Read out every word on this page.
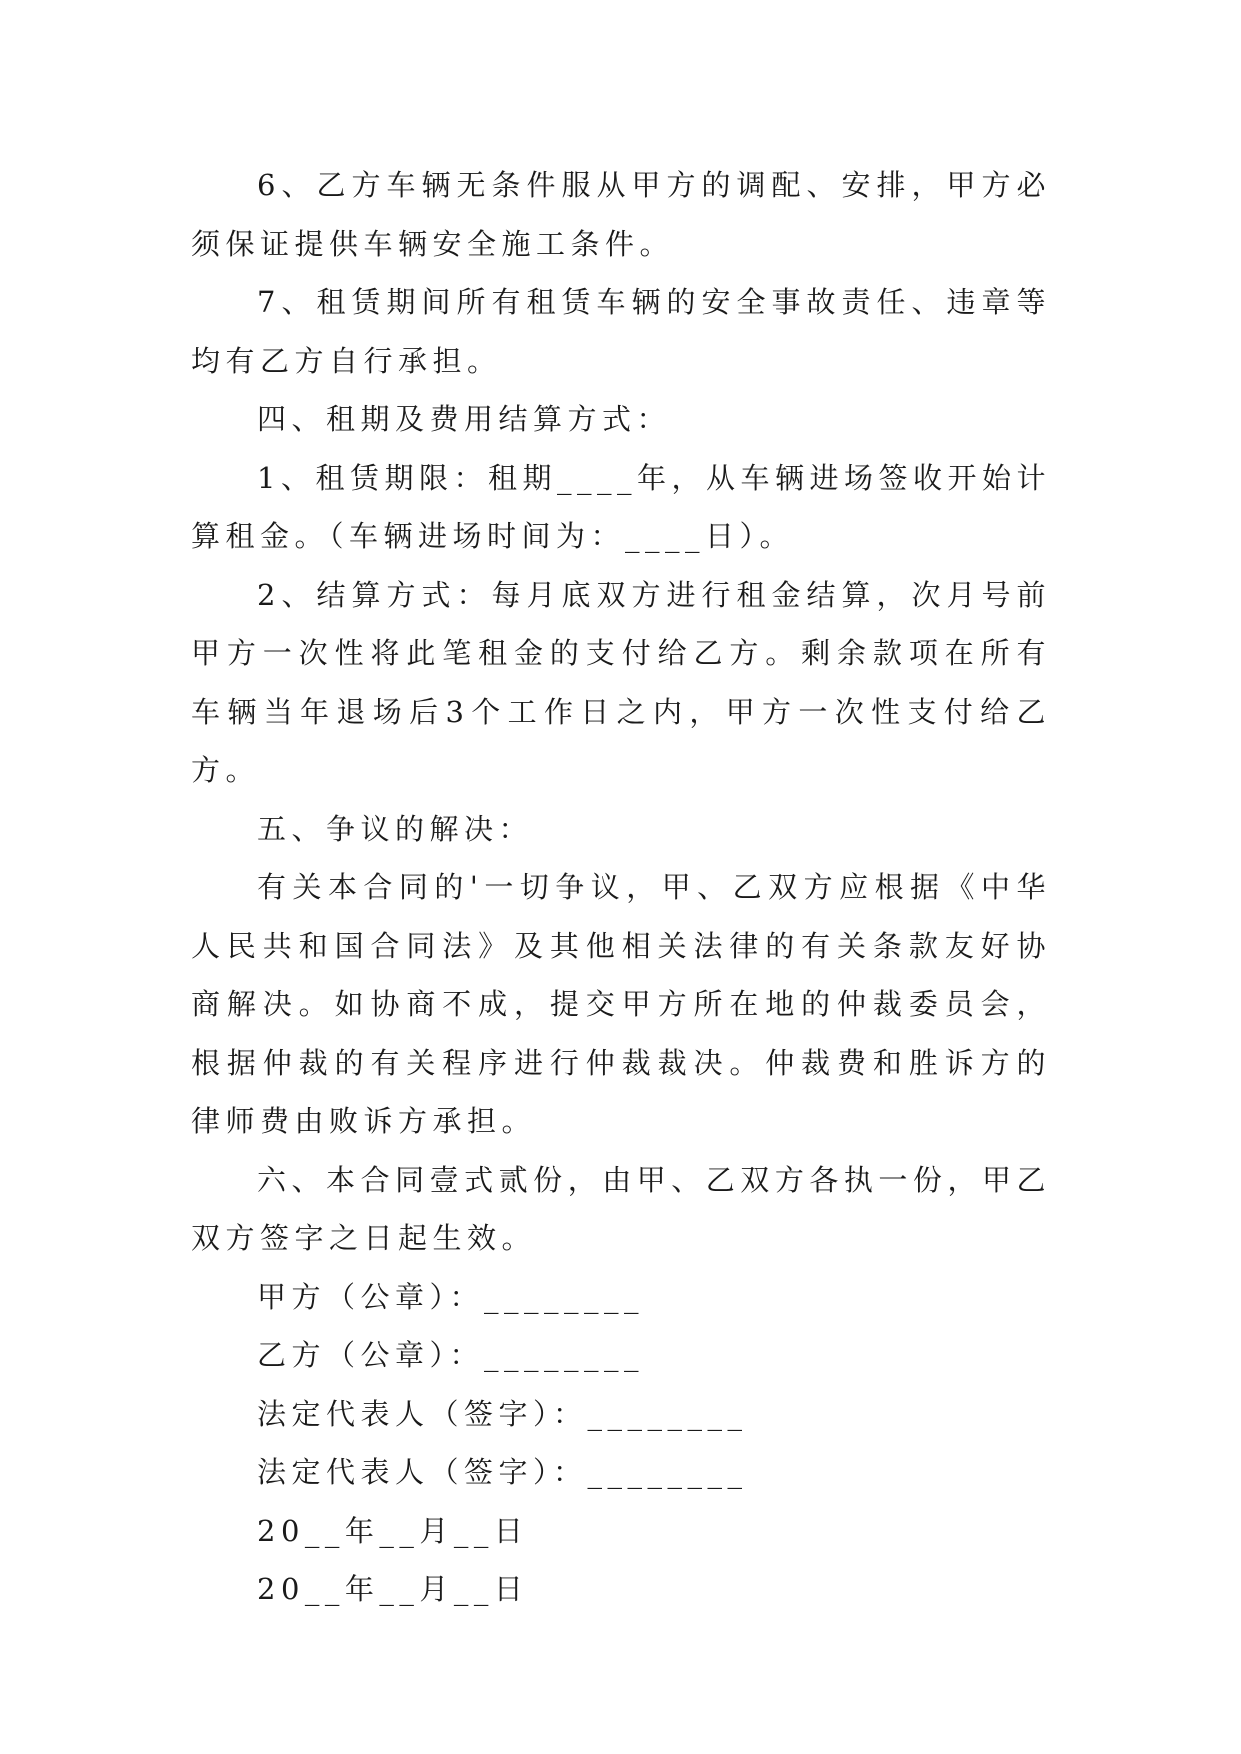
6、乙方车辆无条件服从甲方的调配、安排，甲方必须保证提供车辆安全施工条件。

7、租赁期间所有租赁车辆的安全事故责任、违章等均有乙方自行承担。

四、租期及费用结算方式：

1、租赁期限：租期____年，从车辆进场签收开始计算租金。（车辆进场时间为：____日）。

2、结算方式：每月底双方进行租金结算，次月号前甲方一次性将此笔租金的支付给乙方。剩余款项在所有车辆当年退场后3个工作日之内，甲方一次性支付给乙方。

五、争议的解决：

有关本合同的'一切争议，甲、乙双方应根据《中华人民共和国合同法》及其他相关法律的有关条款友好协商解决。如协商不成，提交甲方所在地的仲裁委员会，根据仲裁的有关程序进行仲裁裁决。仲裁费和胜诉方的律师费由败诉方承担。

六、本合同壹式贰份，由甲、乙双方各执一份，甲乙双方签字之日起生效。

甲方（公章）：________

乙方（公章）：________

法定代表人（签字）：________

法定代表人（签字）：________

20__年__月__日

20__年__月__日
